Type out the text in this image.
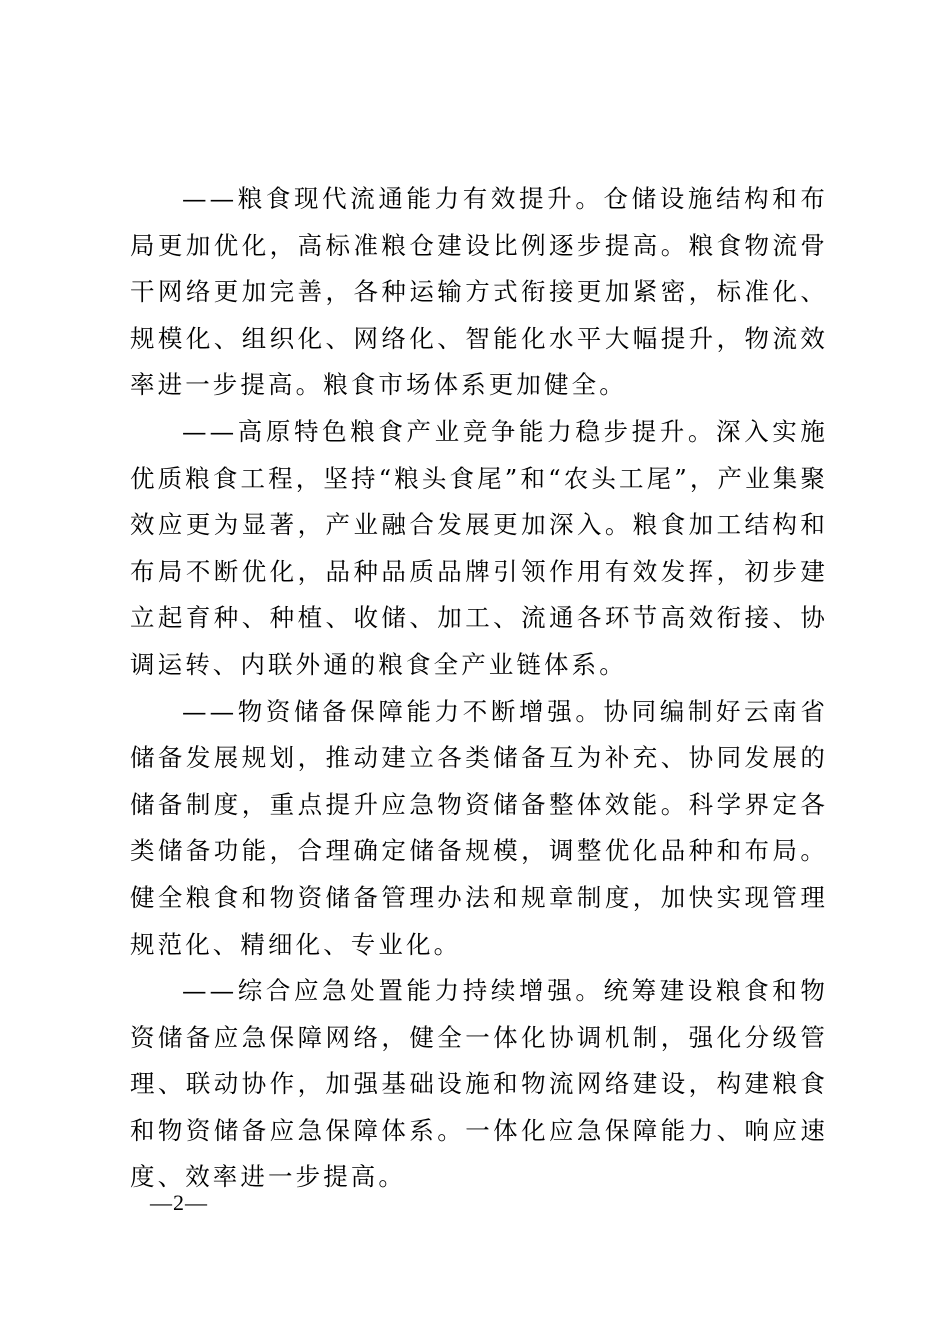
——粮食现代流通能力有效提升。仓储设施结构和布局更加优化，高标准粮仓建设比例逐步提高。粮食物流骨干网络更加完善，各种运输方式衔接更加紧密，标准化、规模化、组织化、网络化、智能化水平大幅提升，物流效率进一步提高。粮食市场体系更加健全。

——高原特色粮食产业竞争能力稳步提升。深入实施优质粮食工程，坚持“粮头食尾”和“农头工尾”，产业集聚效应更为显著，产业融合发展更加深入。粮食加工结构和布局不断优化，品种品质品牌引领作用有效发挥，初步建立起育种、种植、收储、加工、流通各环节高效衔接、协调运转、内联外通的粮食全产业链体系。

——物资储备保障能力不断增强。协同编制好云南省储备发展规划，推动建立各类储备互为补充、协同发展的储备制度，重点提升应急物资储备整体效能。科学界定各类储备功能，合理确定储备规模，调整优化品种和布局。健全粮食和物资储备管理办法和规章制度，加快实现管理规范化、精细化、专业化。

——综合应急处置能力持续增强。统筹建设粮食和物资储备应急保障网络，健全一体化协调机制，强化分级管理、联动协作，加强基础设施和物流网络建设，构建粮食和物资储备应急保障体系。一体化应急保障能力、响应速度、效率进一步提高。

—2—
